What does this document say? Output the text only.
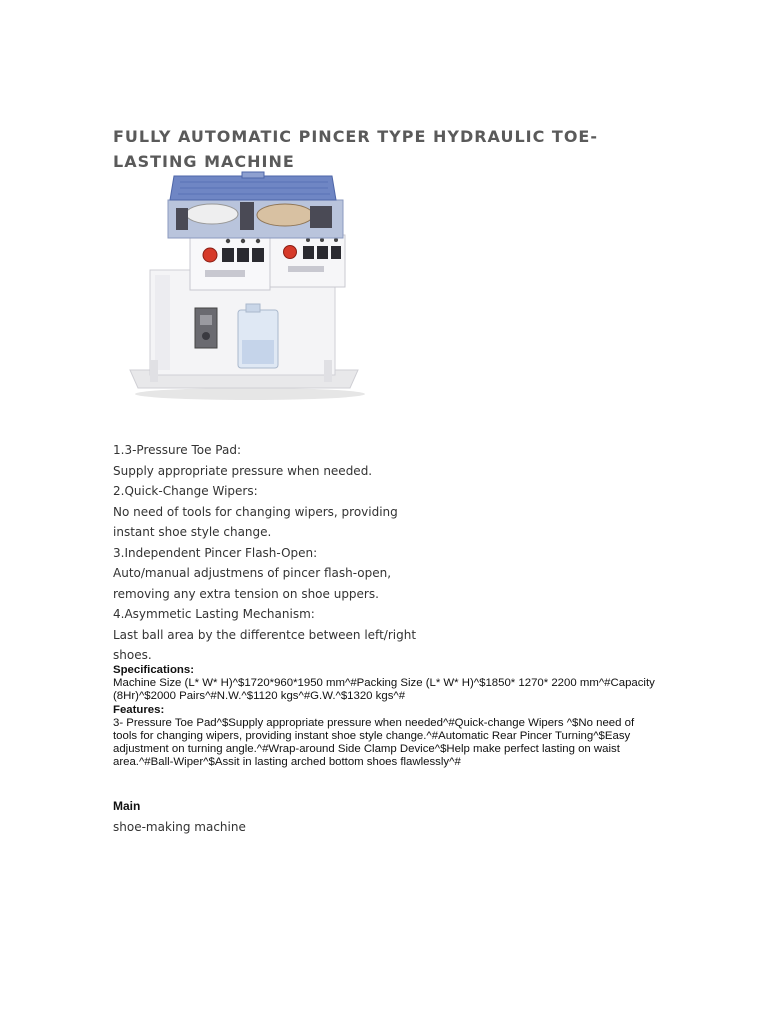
FULLY AUTOMATIC PINCER TYPE HYDRAULIC TOE-LASTING MACHINE
1.3-Pressure Toe Pad:
Supply appropriate pressure when needed.
2.Quick-Change Wipers:
No need of tools for changing wipers, providing
instant shoe style change.
3.Independent Pincer Flash-Open:
Auto/manual adjustmens of pincer flash-open,
removing any extra tension on shoe uppers.
4.Asymmetic Lasting Mechanism:
Last ball area by the differentce between left/right
shoes.
Specifications:
Machine Size (L* W* H)^$1720*960*1950 mm^#Packing Size (L* W* H)^$1850* 1270* 2200 mm^#Capacity (8Hr)^$2000 Pairs^#N.W.^$1120 kgs^#G.W.^$1320 kgs^#
Features:
3- Pressure Toe Pad^$Supply appropriate pressure when needed^#Quick-change Wipers ^$No need of tools for changing wipers, providing instant shoe style change.^#Automatic Rear Pincer Turning^$Easy adjustment on turning angle.^#Wrap-around Side Clamp Device^$Help make perfect lasting on waist area.^#Ball-Wiper^$Assit in lasting arched bottom shoes flawlessly^#
Main
shoe-making machine
